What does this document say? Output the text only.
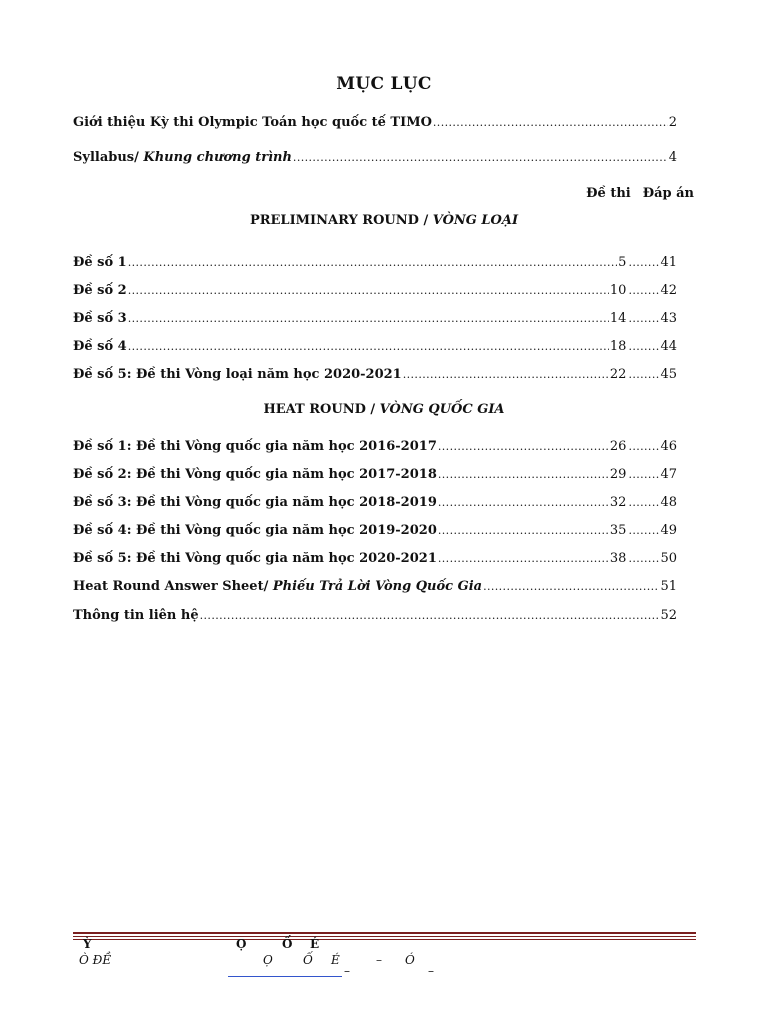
MỤC LỤC
Giới thiệu Kỳ thi Olympic Toán học quốc tế TIMO .....	2
Syllabus/ Khung chương trình .....	4
Đề thi Đáp án
PRELIMINARY ROUND / VÒNG LOẠI
Đề số 1 .....	5 .....	41
Đề số 2 .....	10 .....	42
Đề số 3 .....	14 .....	43
Đề số 4 .....	18 .....	44
Đề số 5: Đề thi Vòng loại năm học 2020-2021 .....	22 .....	45
HEAT ROUND / VÒNG QUỐC GIA
Đề số 1: Đề thi Vòng quốc gia năm học 2016-2017 .....	26 .....	46
Đề số 2: Đề thi Vòng quốc gia năm học 2017-2018 .....	29 .....	47
Đề số 3: Đề thi Vòng quốc gia năm học 2018-2019 .....	32 .....	48
Đề số 4: Đề thi Vòng quốc gia năm học 2019-2020 .....	35 .....	49
Đề số 5: Đề thi Vòng quốc gia năm học 2020-2021 .....	38 .....	50
Heat Round Answer Sheet/ Phiếu Trả Lời Vòng Quốc Gia .....	51
Thông tin liên hệ .....	52
Ỳ	Ọ	Ố É
Ò ĐỀ	Ọ	Ố É	– Ó
–	–
